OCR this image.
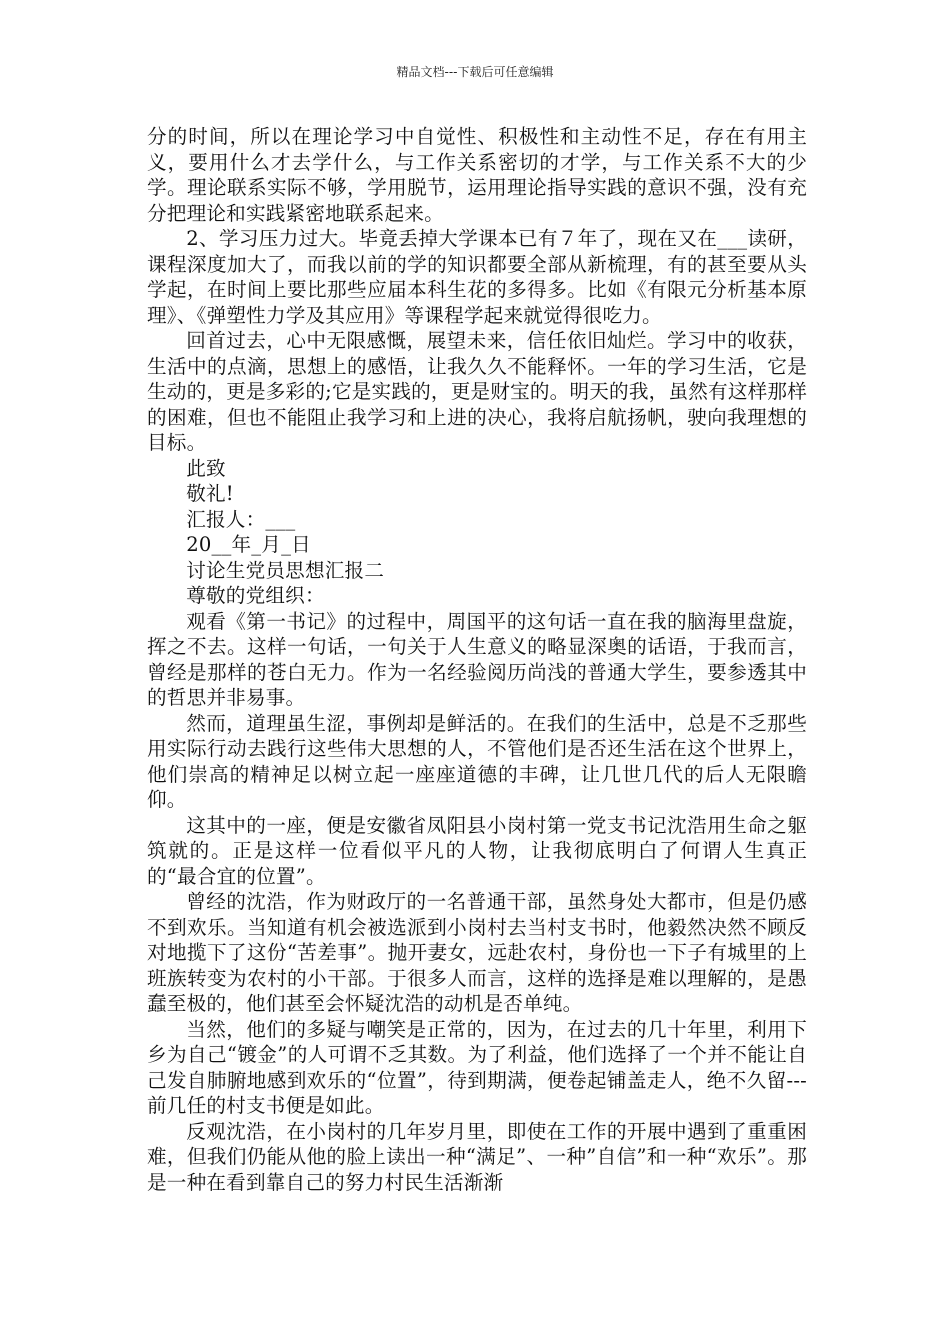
精品文档---下载后可任意编辑

分的时间，所以在理论学习中自觉性、积极性和主动性不足，存在有用主义，要用什么才去学什么，与工作关系密切的才学，与工作关系不大的少学。理论联系实际不够，学用脱节，运用理论指导实践的意识不强，没有充分把理论和实践紧密地联系起来。

2、学习压力过大。毕竟丢掉大学课本已有７年了，现在又在___读研，课程深度加大了，而我以前的学的知识都要全部从新梳理，有的甚至要从头学起，在时间上要比那些应届本科生花的多得多。比如《有限元分析基本原理》、《弹塑性力学及其应用》等课程学起来就觉得很吃力。

回首过去，心中无限感慨，展望未来，信任依旧灿烂。学习中的收获，生活中的点滴，思想上的感悟，让我久久不能释怀。一年的学习生活，它是生动的，更是多彩的;它是实践的，更是财宝的。明天的我，虽然有这样那样的困难，但也不能阻止我学习和上进的决心，我将启航扬帆，驶向我理想的目标。

此致

敬礼!

汇报人：___

20__年_月_日

讨论生党员思想汇报二

尊敬的党组织：

观看《第一书记》的过程中，周国平的这句话一直在我的脑海里盘旋，挥之不去。这样一句话，一句关于人生意义的略显深奥的话语，于我而言，曾经是那样的苍白无力。作为一名经验阅历尚浅的普通大学生，要参透其中的哲思并非易事。

然而，道理虽生涩，事例却是鲜活的。在我们的生活中，总是不乏那些用实际行动去践行这些伟大思想的人，不管他们是否还生活在这个世界上，他们崇高的精神足以树立起一座座道德的丰碑，让几世几代的后人无限瞻仰。

这其中的一座，便是安徽省凤阳县小岗村第一党支书记沈浩用生命之躯筑就的。正是这样一位看似平凡的人物，让我彻底明白了何谓人生真正的“最合宜的位置”。

曾经的沈浩，作为财政厅的一名普通干部，虽然身处大都市，但是仍感不到欢乐。当知道有机会被选派到小岗村去当村支书时，他毅然决然不顾反对地揽下了这份“苦差事”。抛开妻女，远赴农村，身份也一下子有城里的上班族转变为农村的小干部。于很多人而言，这样的选择是难以理解的，是愚蠢至极的，他们甚至会怀疑沈浩的动机是否单纯。

当然，他们的多疑与嘲笑是正常的，因为，在过去的几十年里，利用下乡为自己“镀金”的人可谓不乏其数。为了利益，他们选择了一个并不能让自己发自肺腑地感到欢乐的“位置”，待到期满，便卷起铺盖走人，绝不久留---前几任的村支书便是如此。

反观沈浩，在小岗村的几年岁月里，即使在工作的开展中遇到了重重困难，但我们仍能从他的脸上读出一种“满足”、一种”自信”和一种“欢乐”。那是一种在看到靠自己的努力村民生活渐渐
